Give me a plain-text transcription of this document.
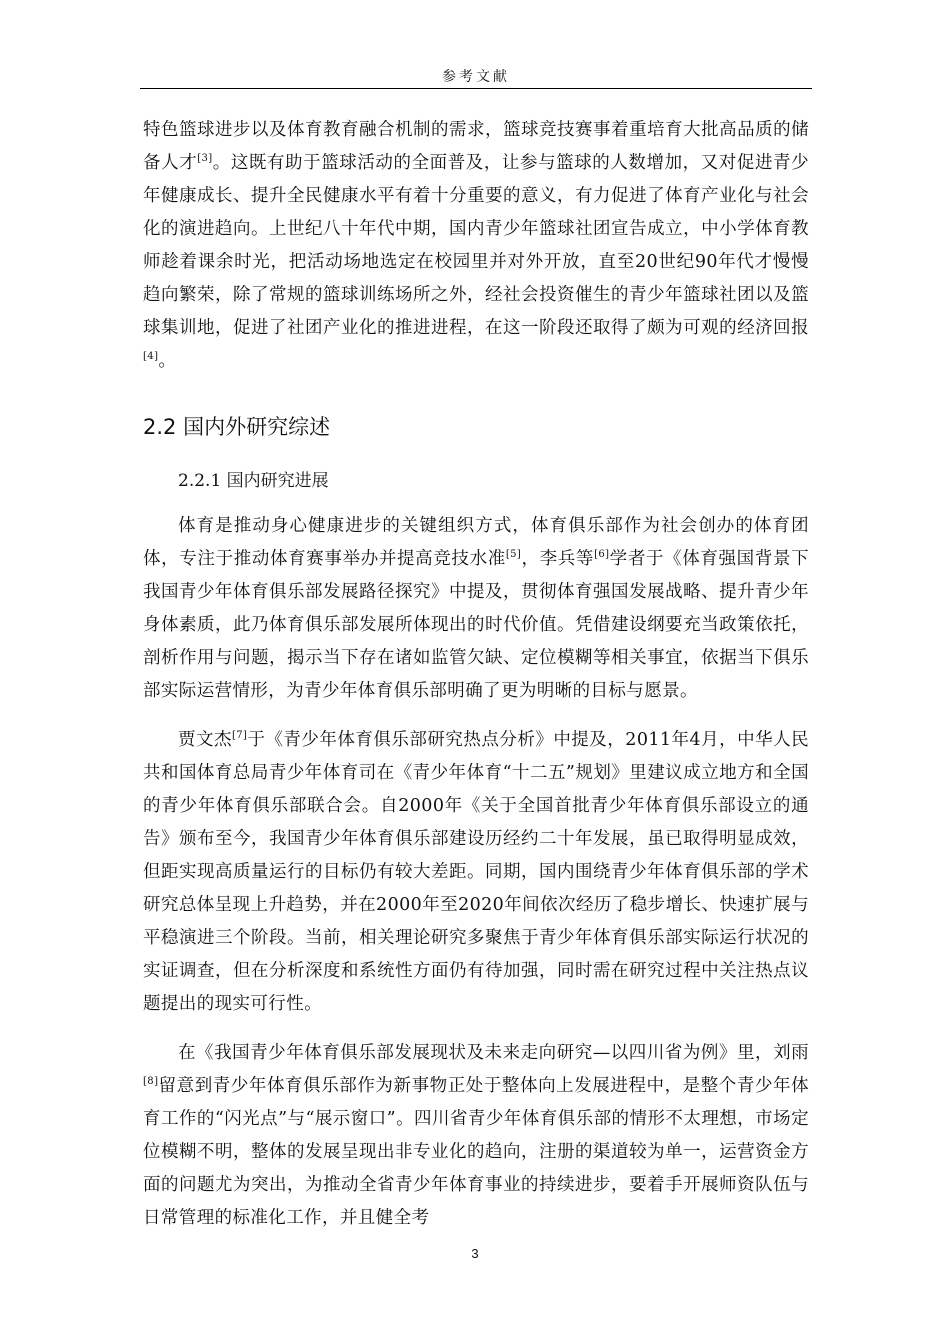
参考文献

特色篮球进步以及体育教育融合机制的需求，篮球竞技赛事着重培育大批高品质的储备人才[3]。这既有助于篮球活动的全面普及，让参与篮球的人数增加，又对促进青少年健康成长、提升全民健康水平有着十分重要的意义，有力促进了体育产业化与社会化的演进趋向。上世纪八十年代中期，国内青少年篮球社团宣告成立，中小学体育教师趁着课余时光，把活动场地选定在校园里并对外开放，直至20世纪90年代才慢慢趋向繁荣，除了常规的篮球训练场所之外，经社会投资催生的青少年篮球社团以及篮球集训地，促进了社团产业化的推进进程，在这一阶段还取得了颇为可观的经济回报[4]。

2.2 国内外研究综述
2.2.1 国内研究进展

体育是推动身心健康进步的关键组织方式，体育俱乐部作为社会创办的体育团体，专注于推动体育赛事举办并提高竞技水准[5]，李兵等[6]学者于《体育强国背景下我国青少年体育俱乐部发展路径探究》中提及，贯彻体育强国发展战略、提升青少年身体素质，此乃体育俱乐部发展所体现出的时代价值。凭借建设纲要充当政策依托，剖析作用与问题，揭示当下存在诸如监管欠缺、定位模糊等相关事宜，依据当下俱乐部实际运营情形，为青少年体育俱乐部明确了更为明晰的目标与愿景。

贾文杰[7]于《青少年体育俱乐部研究热点分析》中提及，2011年4月，中华人民共和国体育总局青少年体育司在《青少年体育“十二五”规划》里建议成立地方和全国的青少年体育俱乐部联合会。自2000年《关于全国首批青少年体育俱乐部设立的通告》颁布至今，我国青少年体育俱乐部建设历经约二十年发展，虽已取得明显成效，但距实现高质量运行的目标仍有较大差距。同期，国内围绕青少年体育俱乐部的学术研究总体呈现上升趋势，并在2000年至2020年间依次经历了稳步增长、快速扩展与平稳演进三个阶段。当前，相关理论研究多聚焦于青少年体育俱乐部实际运行状况的实证调查，但在分析深度和系统性方面仍有待加强，同时需在研究过程中关注热点议题提出的现实可行性。

在《我国青少年体育俱乐部发展现状及未来走向研究—以四川省为例》里，刘雨[8]留意到青少年体育俱乐部作为新事物正处于整体向上发展进程中，是整个青少年体育工作的“闪光点”与“展示窗口”。四川省青少年体育俱乐部的情形不太理想，市场定位模糊不明，整体的发展呈现出非专业化的趋向，注册的渠道较为单一，运营资金方面的问题尤为突出，为推动全省青少年体育事业的持续进步，要着手开展师资队伍与日常管理的标准化工作，并且健全考

3
